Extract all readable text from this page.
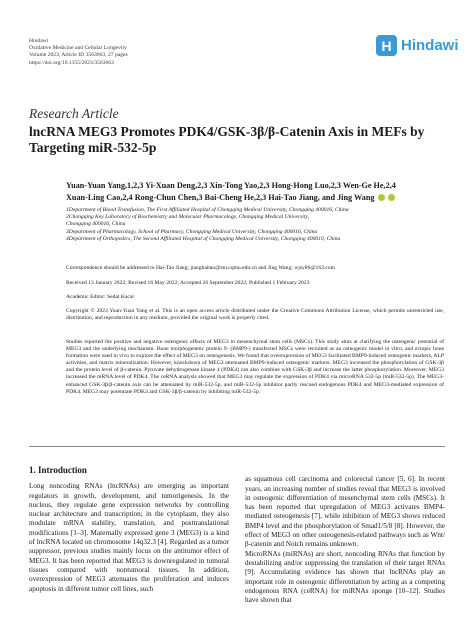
Hindawi
Oxidative Medicine and Cellular Longevity
Volume 2023, Article ID 3563663, 27 pages
https://doi.org/10.1155/2023/3563663
H Hindawi
Research Article
lncRNA MEG3 Promotes PDK4/GSK-3β/β-Catenin Axis in MEFs by Targeting miR-532-5p
Yuan-Yuan Yang,1,2,3 Yi-Xuan Deng,2,3 Xin-Tong Yao,2,3 Hong-Hong Luo,2,3 Wen-Ge He,2,4
Xuan-Ling Cao,2,4 Rong-Chun Chen,3 Bai-Cheng He,2,3 Hai-Tao Jiang, and Jing Wang
1Department of Blood Transfusion, The First Affiliated Hospital of Chongqing Medical University, Chongqing 400016, China
2Chongqing Key Laboratory of Biochemistry and Molecular Pharmacology, Chongqing Medical University,
Chongqing 400016, China
3Department of Pharmacology, School of Pharmacy, Chongqing Medical University, Chongqing 400016, China
4Department of Orthopedics, The Second Affiliated Hospital of Chongqing Medical University, Chongqing 400010, China
Correspondence should be addressed to Hai-Tao Jiang; jianghaitao@stu.cqmu.edu.cn and Jing Wang; wjsy86@163.com
Received 13 January 2022; Revised 16 May 2022; Accepted 26 September 2022; Published 1 February 2023
Academic Editor: Sedat Kacar
Copyright © 2023 Yuan-Yuan Yang et al. This is an open access article distributed under the Creative Commons Attribution License, which permits unrestricted use, distribution, and reproduction in any medium, provided the original work is properly cited.
Studies reported the positive and negative osteogenic effects of MEG3 in mesenchymal stem cells (MSCs). This study aims at clarifying the osteogenic potential of MEG3 and the underlying mechanism. Bone morphogenetic protein 9- (BMP9-) transfected MSCs were recruited as an osteogenic model in vitro, and ectopic bone formation were used in vivo to explore the effect of MEG3 on osteogenesis. We found that overexpression of MEG3 facilitated BMP9-induced osteogenic markers, ALP activities, and matrix mineralization. However, knockdown of MEG3 attenuated BMP9-induced osteogenic markers. MEG3 increased the phosphorylation of GSK-3β and the protein level of β-catenin. Pyruvate dehydrogenase kinase 4 (PDK4) can also combine with GSK-3β and increase the latter phosphorylation. Moreover, MEG3 increased the mRNA level of PDK4. The ceRNA analysis showed that MEG3 may regulate the expression of PDK4 via microRNA 532-5p (miR-532-5p). The MEG3-enhanced GSK-3β/β-catenin axis can be attenuated by miR-532-5p, and miR-532-5p inhibitor partly rescued endogenous PDK4 and MEG3-mediated expression of PDK4. MEG3 may potentiate PDK4 and GSK-3β/β-catenin by inhibiting miR-532-5p.
1. Introduction
Long noncoding RNAs (lncRNAs) are emerging as important regulators in growth, development, and tumorigenesis. In the nucleus, they regulate gene expression networks by controlling nuclear architecture and transcription; in the cytoplasm, they also modulate mRNA stability, translation, and posttranslational modifications [1–3]. Maternally expressed gene 3 (MEG3) is a kind of lncRNA located on chromosome 14q32.3 [4]. Regarded as a tumor suppressor, previous studies mainly focus on the antitumor effect of MEG3. It has been reported that MEG3 is downregulated in tumoral tissues compared with nontumoral tissues. In addition, overexpression of MEG3 attenuates the proliferation and induces apoptosis in different tumor cell lines, such

as squamous cell carcinoma and colorectal cancer [5, 6]. In recent years, an increasing number of studies reveal that MEG3 is involved in osteogenic differentiation of mesenchymal stem cells (MSCs). It has been reported that upregulation of MEG3 activates BMP4-mediated osteogenesis [7], while inhibition of MEG3 shows reduced BMP4 level and the phosphorylation of Smad1/5/8 [8]. However, the effect of MEG3 on other osteogenesis-related pathways such as Wnt/β-catenin and Notch remains unknown.
MicroRNAs (miRNAs) are short, noncoding RNAs that function by destabilizing and/or suppressing the translation of their target RNAs [9]. Accumulating evidence has shown that lncRNAs play an important role in osteogenic differentiation by acting as a competing endogenous RNA (ceRNA) for miRNAs sponge [10–12]. Studies have shown that
